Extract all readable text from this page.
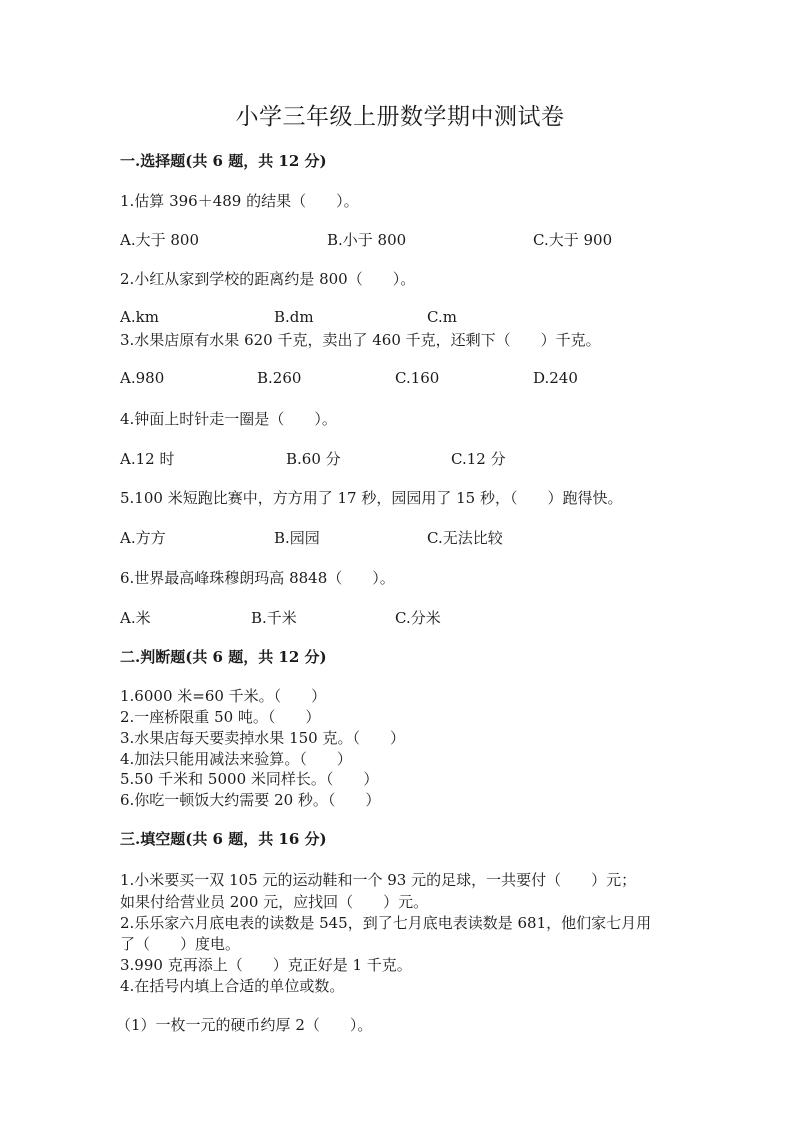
小学三年级上册数学期中测试卷
一.选择题(共 6 题，共 12 分)
1.估算 396＋489 的结果（　　）。
A.大于 800	B.小于 800	C.大于 900
2.小红从家到学校的距离约是 800（　　）。
A.km	B.dm	C.m
3.水果店原有水果 620 千克，卖出了 460 千克，还剩下（　　）千克。
A.980	B.260	C.160	D.240
4.钟面上时针走一圈是（　　）。
A.12 时	B.60 分	C.12 分
5.100 米短跑比赛中，方方用了 17 秒，园园用了 15 秒，（　　）跑得快。
A.方方	B.园园	C.无法比较
6.世界最高峰珠穆朗玛高 8848（　　）。
A.米	B.千米	C.分米
二.判断题(共 6 题，共 12 分)
1.6000 米=60 千米。（　　）
2.一座桥限重 50 吨。（　　）
3.水果店每天要卖掉水果 150 克。（　　）
4.加法只能用减法来验算。（　　）
5.50 千米和 5000 米同样长。（　　）
6.你吃一顿饭大约需要 20 秒。（　　）
三.填空题(共 6 题，共 16 分)
1.小米要买一双 105 元的运动鞋和一个 93 元的足球，一共要付（　　）元；
如果付给营业员 200 元，应找回（　　）元。
2.乐乐家六月底电表的读数是 545，到了七月底电表读数是 681，他们家七月用
了（　　）度电。
3.990 克再添上（　　）克正好是 1 千克。
4.在括号内填上合适的单位或数。
（1）一枚一元的硬币约厚 2（　　）。
